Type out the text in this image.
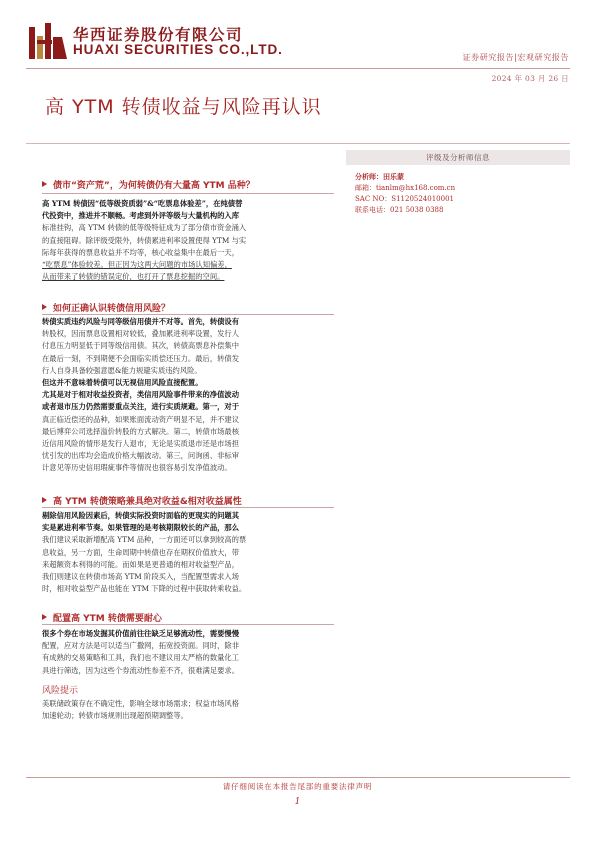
华西证券股份有限公司
HUAXI SECURITIES CO.,LTD.
证券研究报告|宏观研究报告
2024 年 03 月 26 日
高 YTM 转债收益与风险再认识
评级及分析师信息
分析师：田乐蒙
邮箱：tianlm@hx168.com.cn
SAC NO：S1120524010001
联系电话：021 5038 0388
债市“资产荒”，为何转债仍有大量高 YTM 品种？
高 YTM 转债因“低等级资质弱”&“吃票息体验差”，在纯债替
代投资中，推进并不顺畅。考虑到外评等级与大量机构的入库
标准挂钩，高 YTM 转债的低等级特征成为了部分债市资金涌入
的直接阻碍。除评级受限外，转债累进利率设置使得 YTM 与实
际每年获得的票息收益并不均等，核心收益集中在最后一天，
“吃票息”体验较差。但正因为这两大问题的市场认知偏差，
从而带来了转债的错误定价，也打开了票息挖掘的空间。
如何正确认识转债信用风险？
转债实质违约风险与同等级信用债并不对等。首先，转债设有
转股权，因而票息设置相对较低，叠加累进利率设置，发行人
付息压力明显低于同等级信用债。其次，转债高票息补偿集中
在最后一刻，不到期便不会面临实质偿还压力。最后，转债发
行人自身具备较强意愿&能力规避实质违约风险。
但这并不意味着转债可以无视信用风险直接配置。
尤其是对于相对收益投资者，类信用风险事件带来的净值波动
或者退市压力仍然需要重点关注，进行实质规避。第一，对于
真正临近偿还的品种，如果账面流动资产明显不足，并不建议
最后博弈公司选择溢价转股的方式解决。第二，转债市场最核
近信用风险的情形是发行人退市，无论是实质退市还是市场担
忧引发的出库均会造成价格大幅波动。第三，问询函、非标审
计意见等历史信用瑕疵事件等情况也很容易引发净值波动。
高 YTM 转债策略兼具绝对收益&相对收益属性
剔除信用风险因素后，转债实际投资时面临的更现实的问题其
实是累进利率节奏。如果管理的是考核期限较长的产品，那么
我们建议采取新增配高 YTM 品种，一方面还可以拿到较高的票
息收益，另一方面，生命周期中转债也存在期权价值放大，带
来超额资本利得的可能。而如果是更普通的相对收益型产品，
我们则建议在转债市场高 YTM 阶段买入，当配置型需求入场
时，相对收益型产品也能在 YTM 下降的过程中获取转乘收益。
配置高 YTM 转债需要耐心
很多个券在市场发掘其价值前往往缺乏足够流动性，需要慢慢
配置，应对方法是可以适当广撒网，拓宽投资面。同时，除非
有成熟的交易策略和工具，我们也不建议用太严格的数量化工
具进行筛选，因为这些个券流动性参差不齐，很难满足要求。
风险提示
美联储政策存在不确定性，影响全球市场需求；权益市场风格
加速轮动；转债市场规则出现超预期调整等。
请仔细阅读在本报告尾部的重要法律声明
1
